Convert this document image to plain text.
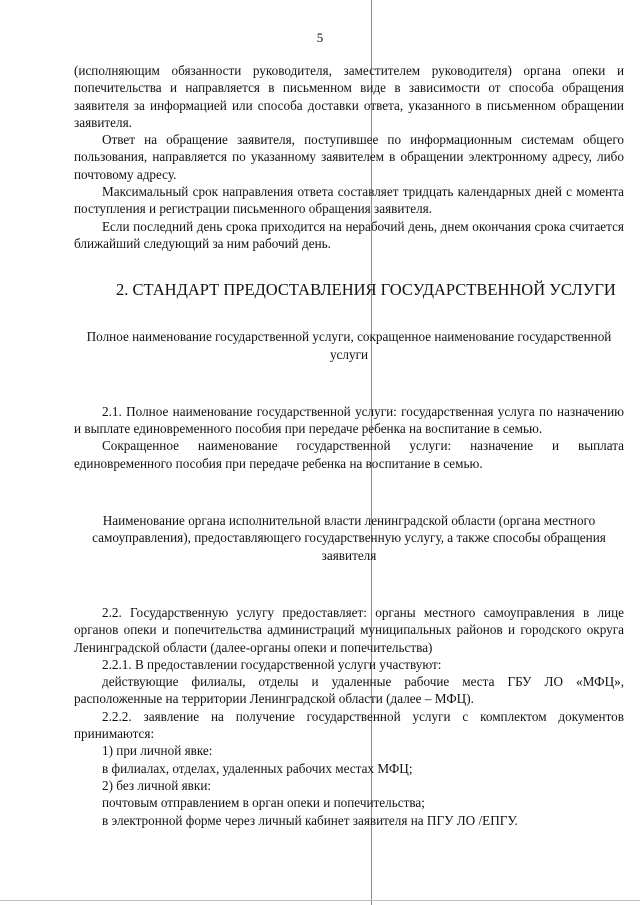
5

(исполняющим обязанности руководителя, заместителем руководителя) органа опеки и попечительства и направляется в письменном виде в зависимости от способа обращения заявителя за информацией или способа доставки ответа, указанного в письменном обращении заявителя.

Ответ на обращение заявителя, поступившее по информационным системам общего пользования, направляется по указанному заявителем в обращении электронному адресу, либо почтовому адресу.

Максимальный срок направления ответа составляет тридцать календарных дней с момента поступления и регистрации письменного обращения заявителя.

Если последний день срока приходится на нерабочий день, днем окончания срока считается ближайший следующий за ним рабочий день.

2. СТАНДАРТ ПРЕДОСТАВЛЕНИЯ ГОСУДАРСТВЕННОЙ УСЛУГИ

Полное наименование государственной услуги, сокращенное наименование государственной услуги

2.1. Полное наименование государственной услуги: государственная услуга по назначению и выплате единовременного пособия при передаче ребенка на воспитание в семью.

Сокращенное наименование государственной услуги: назначение и выплата единовременного пособия при передаче ребенка на воспитание в семью.

Наименование органа исполнительной власти ленинградской области (органа местного самоуправления), предоставляющего государственную услугу, а также способы обращения заявителя

2.2. Государственную услугу предоставляет: органы местного самоуправления в лице органов опеки и попечительства администраций муниципальных районов и городского округа Ленинградской области (далее-органы опеки и попечительства)

2.2.1. В предоставлении государственной услуги участвуют:

действующие филиалы, отделы и удаленные рабочие места ГБУ ЛО «МФЦ», расположенные на территории Ленинградской области (далее – МФЦ).

2.2.2. заявление на получение государственной услуги с комплектом документов принимаются:

1) при личной явке:

в филиалах, отделах, удаленных рабочих местах МФЦ;

2) без личной явки:

почтовым отправлением в орган опеки и попечительства;

в электронной форме через личный кабинет заявителя на ПГУ ЛО /ЕПГУ.
